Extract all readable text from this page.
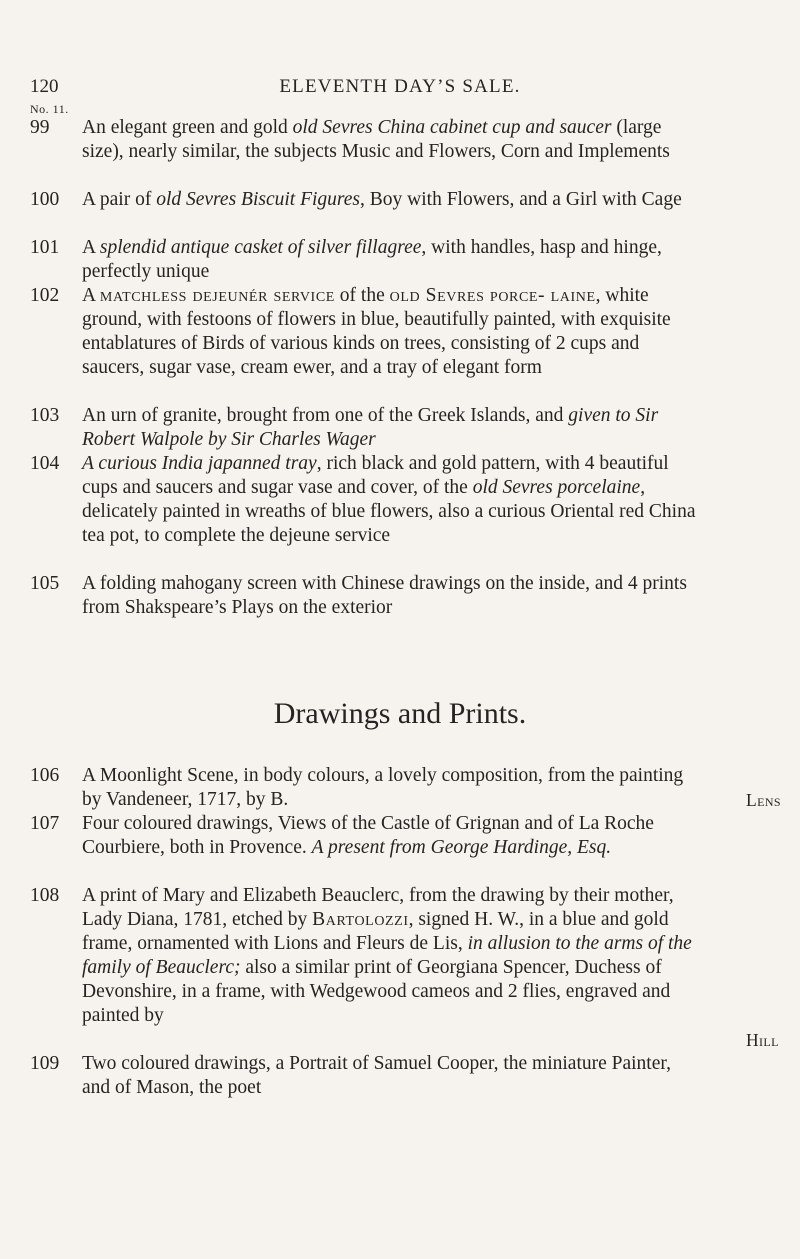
120	ELEVENTH DAY’S SALE.
No. 11.
99	An elegant green and gold old Sevres China cabinet cup and saucer (large size), nearly similar, the subjects Music and Flowers, Corn and Implements
100	A pair of old Sevres Biscuit Figures, Boy with Flowers, and a Girl with Cage
101	A splendid antique casket of silver fillagree, with handles, hasp and hinge, perfectly unique
102	A matchless dejeunér service of the old Sevres porce- laine, white ground, with festoons of flowers in blue, beautifully painted, with exquisite entablatures of Birds of various kinds on trees, consisting of 2 cups and saucers, sugar vase, cream ewer, and a tray of elegant form
103	An urn of granite, brought from one of the Greek Islands, and given to Sir Robert Walpole by Sir Charles Wager
104	A curious India japanned tray, rich black and gold pattern, with 4 beautiful cups and saucers and sugar vase and cover, of the old Sevres porcelaine, delicately painted in wreaths of blue flowers, also a curious Oriental red China tea pot, to complete the dejeune service
105	A folding mahogany screen with Chinese drawings on the inside, and 4 prints from Shakspeare’s Plays on the exterior
Drawings and Prints.
106	A Moonlight Scene, in body colours, a lovely composition, from the painting by Vandeneer, 1717, by B.	Lens
107	Four coloured drawings, Views of the Castle of Grignan and of La Roche Courbiere, both in Provence. A present from George Hardinge, Esq.
108	A print of Mary and Elizabeth Beauclerc, from the drawing by their mother, Lady Diana, 1781, etched by Bartolozzi, signed H. W., in a blue and gold frame, ornamented with Lions and Fleurs de Lis, in allusion to the arms of the family of Beauclerc; also a similar print of Georgiana Spencer, Duchess of Devonshire, in a frame, with Wedgewood cameos and 2 flies, engraved and painted by
Hill
109	Two coloured drawings, a Portrait of Samuel Cooper, the miniature Painter, and of Mason, the poet
